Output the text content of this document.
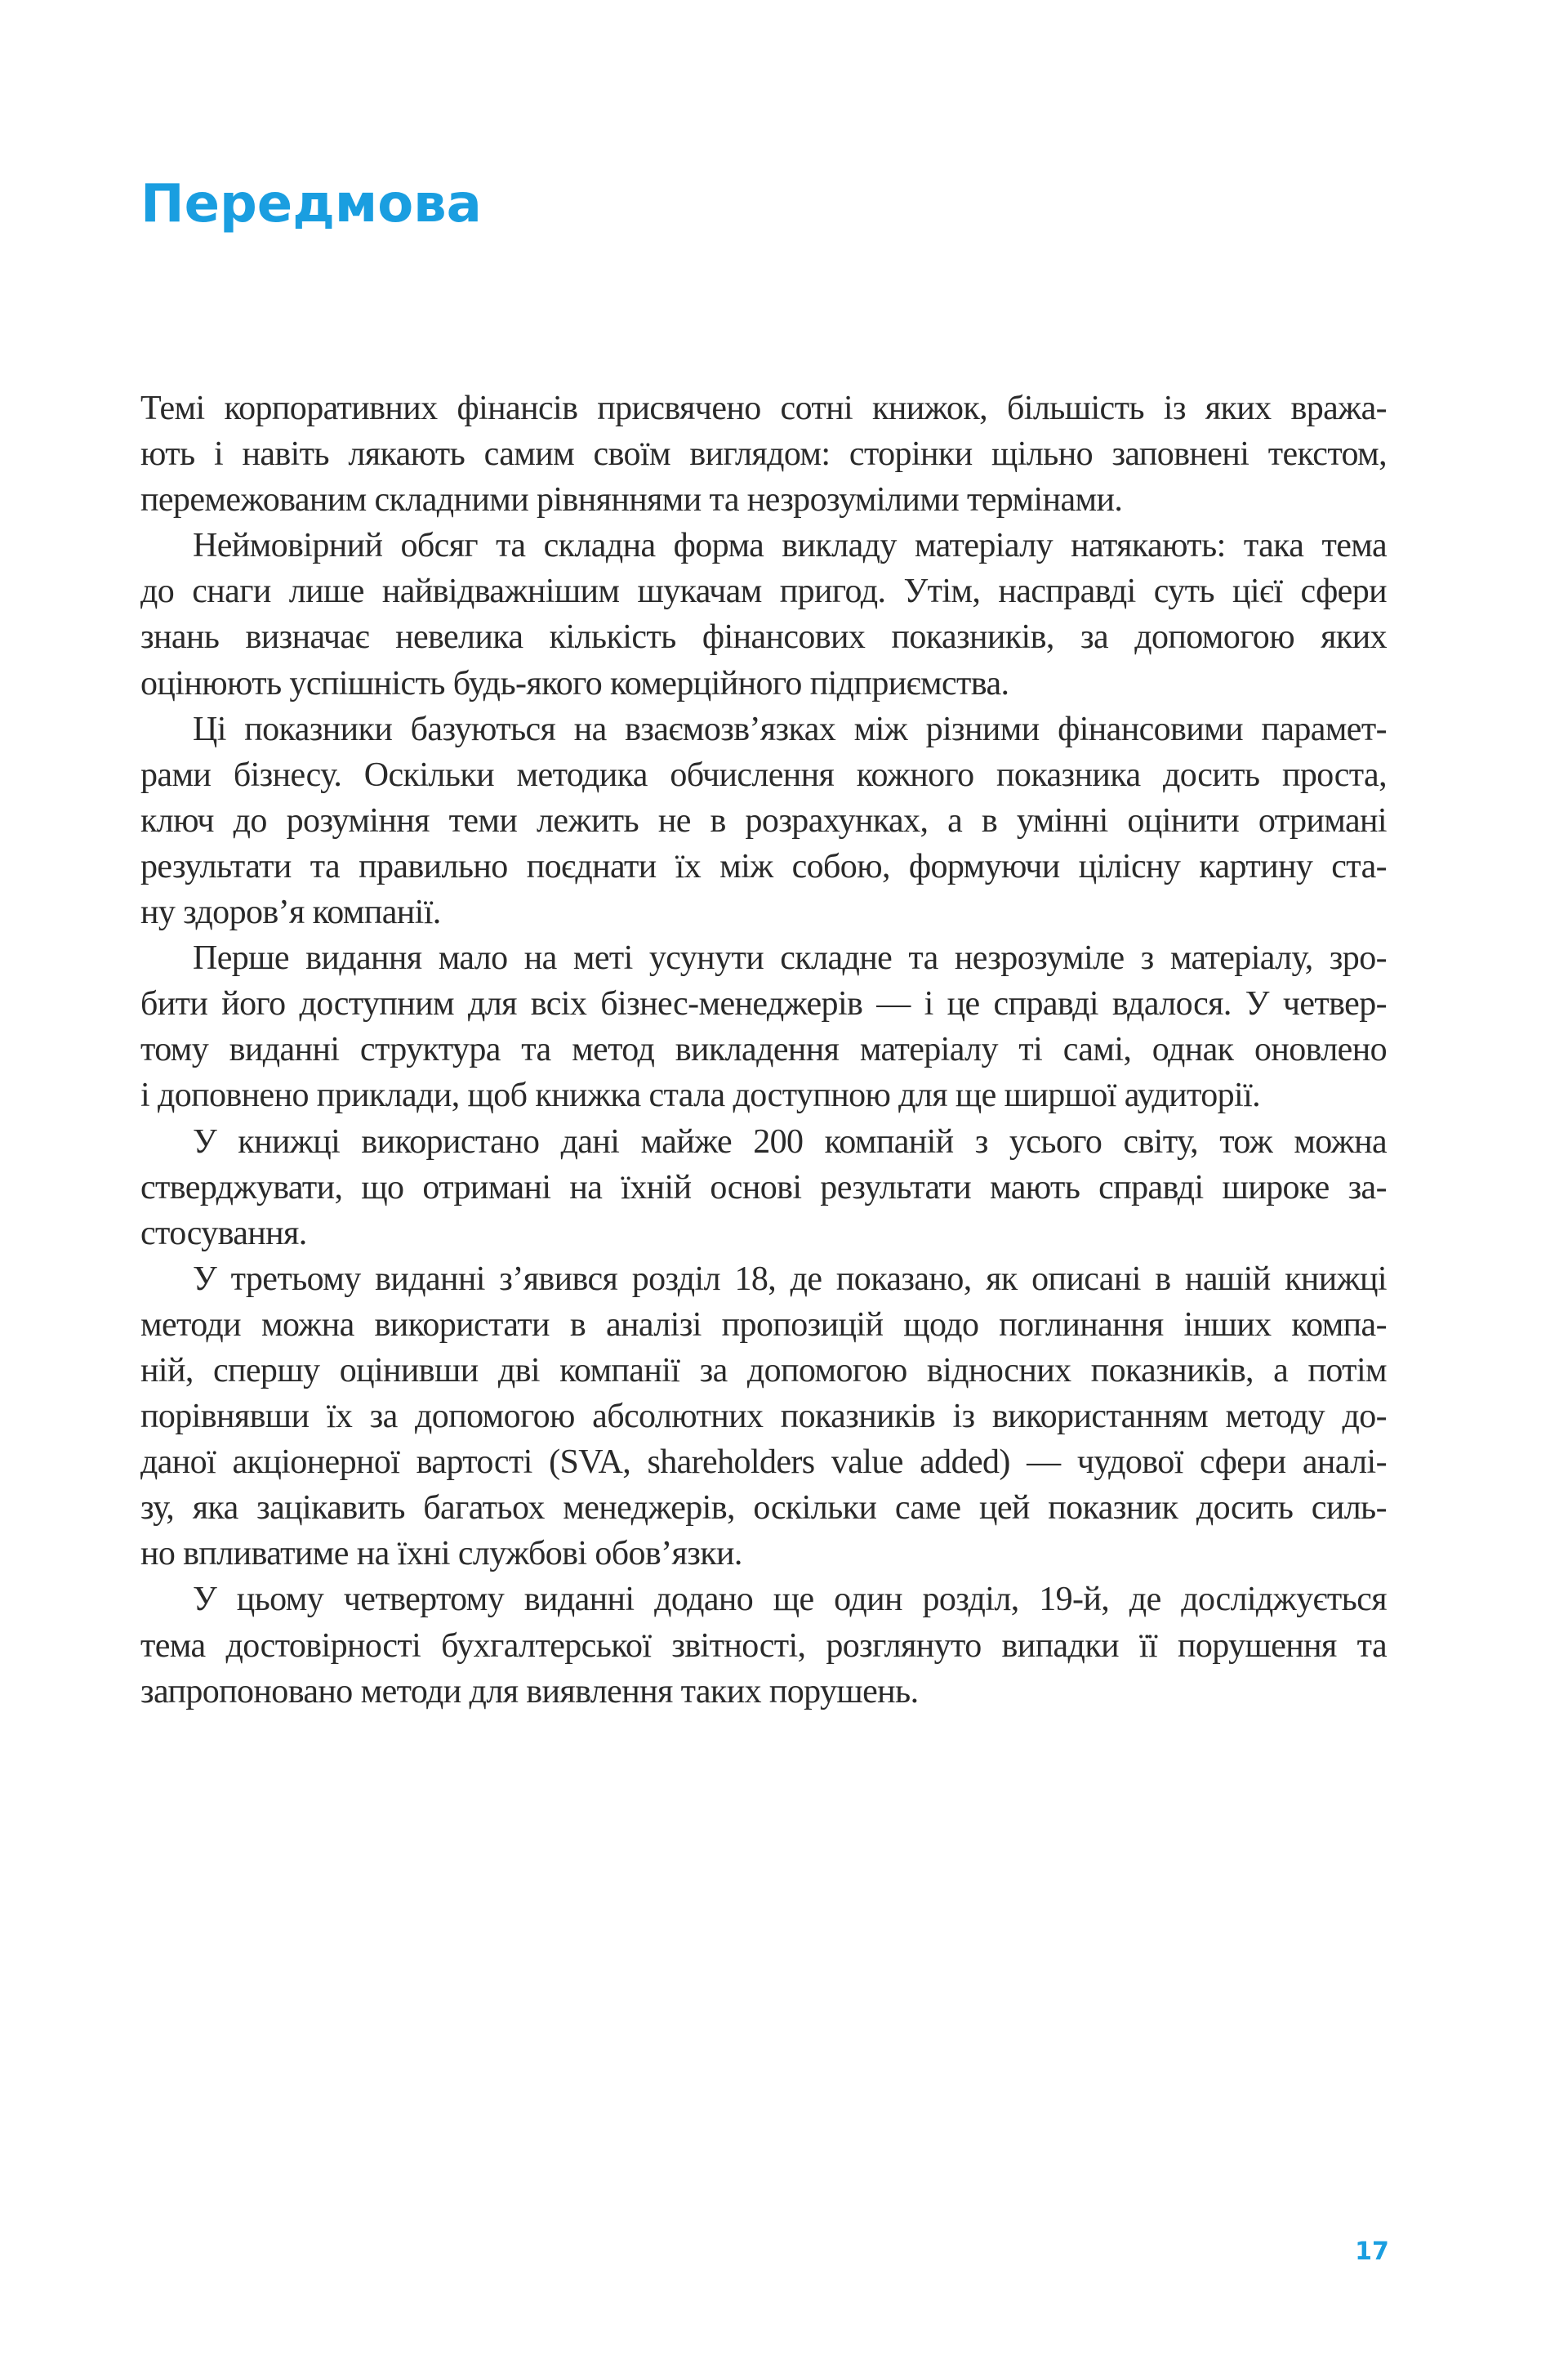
Передмова
Темі корпоративних фінансів присвячено сотні книжок, більшість із яких вража-
ють і навіть лякають самим своїм виглядом: сторінки щільно заповнені текстом,
перемежованим складними рівняннями та незрозумілими термінами.
Неймовірний обсяг та складна форма викладу матеріалу натякають: така тема
до снаги лише найвідважнішим шукачам пригод. Утім, насправді суть цієї сфери
знань визначає невелика кількість фінансових показників, за допомогою яких
оцінюють успішність будь-якого комерційного підприємства.
Ці показники базуються на взаємозв’язках між різними фінансовими парамет-
рами бізнесу. Оскільки методика обчислення кожного показника досить проста,
ключ до розуміння теми лежить не в розрахунках, а в умінні оцінити отримані
результати та правильно поєднати їх між собою, формуючи цілісну картину ста-
ну здоров’я компанії.
Перше видання мало на меті усунути складне та незрозуміле з матеріалу, зро-
бити його доступним для всіх бізнес-менеджерів — і це справді вдалося. У четвер-
тому виданні структура та метод викладення матеріалу ті самі, однак оновлено
і доповнено приклади, щоб книжка стала доступною для ще ширшої аудиторії.
У книжці використано дані майже 200 компаній з усього світу, тож можна
стверджувати, що отримані на їхній основі результати мають справді широке за-
стосування.
У третьому виданні з’явився розділ 18, де показано, як описані в нашій книжці
методи можна використати в аналізі пропозицій щодо поглинання інших компа-
ній, спершу оцінивши дві компанії за допомогою відносних показників, а потім
порівнявши їх за допомогою абсолютних показників із використанням методу до-
даної акціонерної вартості (SVA, shareholders value added) — чудової сфери аналі-
зу, яка зацікавить багатьох менеджерів, оскільки саме цей показник досить силь-
но впливатиме на їхні службові обов’язки.
У цьому четвертому виданні додано ще один розділ, 19-й, де досліджується
тема достовірності бухгалтерської звітності, розглянуто випадки її порушення та
запропоновано методи для виявлення таких порушень.
17
